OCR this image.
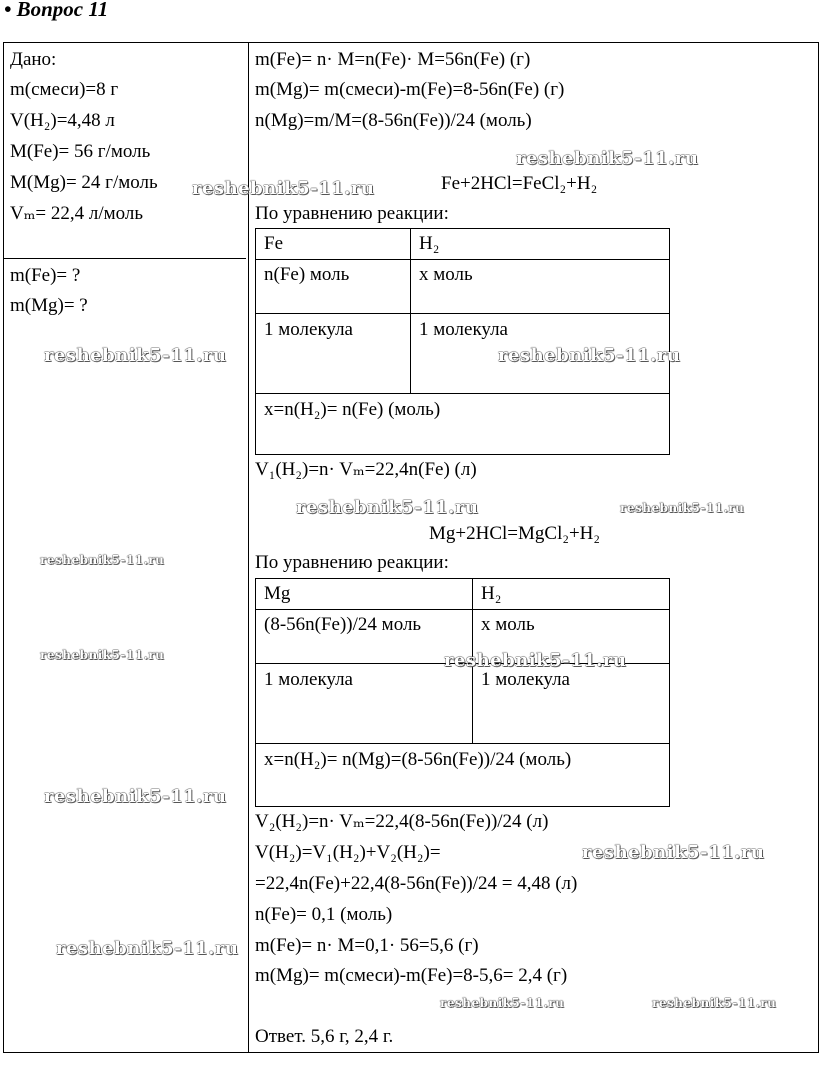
• Вопрос 11
Дано:
m(смеси)=8 г
V(H₂)=4,48 л
M(Fe)= 56 г/моль
M(Mg)= 24 г/моль
Vₘ= 22,4 л/моль
m(Fe)= ?
m(Mg)= ?
m(Fe)= n· M=n(Fe)· M=56n(Fe) (г)
m(Mg)= m(смеси)-m(Fe)=8-56n(Fe) (г)
n(Mg)=m/M=(8-56n(Fe))/24 (моль)
Fe+2HCl=FeCl₂+H₂
По уравнению реакции:
Fe	H₂
n(Fe) моль	х моль
1 молекула	1 молекула
x=n(H₂)= n(Fe) (моль)
V₁(H₂)=n· Vₘ=22,4n(Fe) (л)
Mg+2HCl=MgCl₂+H₂
По уравнению реакции:
Mg	H₂
(8-56n(Fe))/24 моль	х моль
1 молекула	1 молекула
x=n(H₂)= n(Mg)=(8-56n(Fe))/24 (моль)
V₂(H₂)=n· Vₘ=22,4(8-56n(Fe))/24 (л)
V(H₂)=V₁(H₂)+V₂(H₂)=
=22,4n(Fe)+22,4(8-56n(Fe))/24 = 4,48 (л)
n(Fe)= 0,1 (моль)
m(Fe)= n· M=0,1· 56=5,6 (г)
m(Mg)= m(смеси)-m(Fe)=8-5,6= 2,4 (г)
Ответ. 5,6 г, 2,4 г.
reshebnik5-11.ru
reshebnik5-11.ru
reshebnik5-11.ru	reshebnik5-11.ru
reshebnik5-11.ru	reshebnik5-11.ru
reshebnik5-11.ru
reshebnik5-11.ru	reshebnik5-11.ru
reshebnik5-11.ru
reshebnik5-11.ru
reshebnik5-11.ru
reshebnik5-11.ru	reshebnik5-11.ru
